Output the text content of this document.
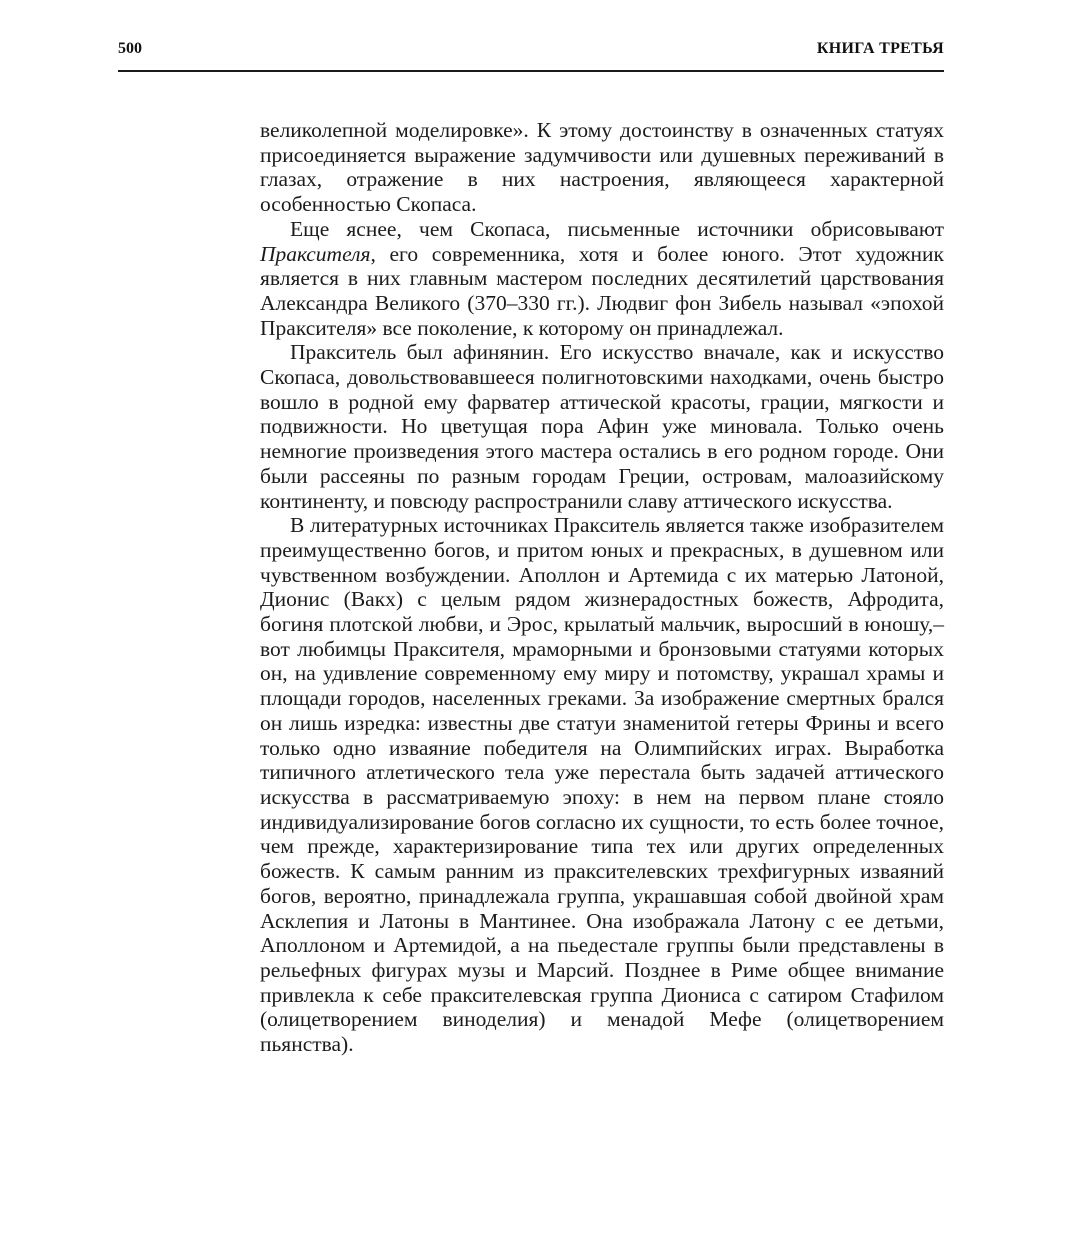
500	КНИГА ТРЕТЬЯ

великолепной моделировке». К этому достоинству в означенных статуях присоединяется выражение задумчивости или душевных переживаний в глазах, отражение в них настроения, являющееся характерной особенностью Скопаса.

Еще яснее, чем Скопаса, письменные источники обрисовывают Праксителя, его современника, хотя и более юного. Этот художник является в них главным мастером последних десятилетий царствования Александра Великого (370–330 гг.). Людвиг фон Зибель называл «эпохой Праксителя» все поколение, к которому он принадлежал.

Пракситель был афинянин. Его искусство вначале, как и искусство Скопаса, довольствовавшееся полигнотовскими находками, очень быстро вошло в родной ему фарватер аттической красоты, грации, мягкости и подвижности. Но цветущая пора Афин уже миновала. Только очень немногие произведения этого мастера остались в его родном городе. Они были рассеяны по разным городам Греции, островам, малоазийскому континенту, и повсюду распространили славу аттического искусства.

В литературных источниках Пракситель является также изобразителем преимущественно богов, и притом юных и прекрасных, в душевном или чувственном возбуждении. Аполлон и Артемида с их матерью Латоной, Дионис (Вакх) с целым рядом жизнерадостных божеств, Афродита, богиня плотской любви, и Эрос, крылатый мальчик, выросший в юношу,– вот любимцы Праксителя, мраморными и бронзовыми статуями которых он, на удивление современному ему миру и потомству, украшал храмы и площади городов, населенных греками. За изображение смертных брался он лишь изредка: известны две статуи знаменитой гетеры Фрины и всего только одно изваяние победителя на Олимпийских играх. Выработка типичного атлетического тела уже перестала быть задачей аттического искусства в рассматриваемую эпоху: в нем на первом плане стояло индивидуализирование богов согласно их сущности, то есть более точное, чем прежде, характеризирование типа тех или других определенных божеств. К самым ранним из праксителевских трехфигурных изваяний богов, вероятно, принадлежала группа, украшавшая собой двойной храм Асклепия и Латоны в Мантинее. Она изображала Латону с ее детьми, Аполлоном и Артемидой, а на пьедестале группы были представлены в рельефных фигурах музы и Марсий. Позднее в Риме общее внимание привлекла к себе праксителевская группа Диониса с сатиром Стафилом (олицетворением виноделия) и менадой Мефе (олицетворением пьянства).
